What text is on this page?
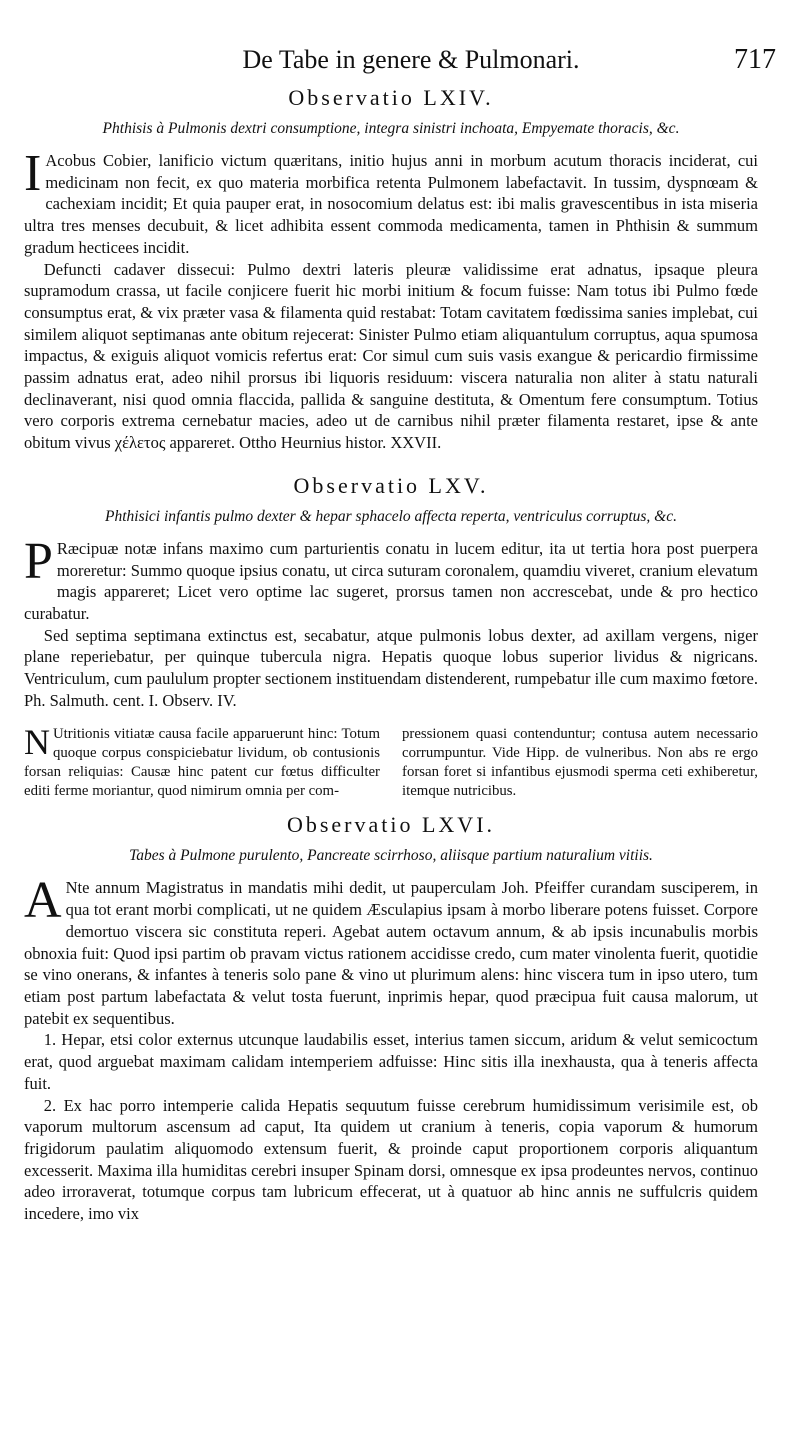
De Tabe in genere & Pulmonari.	717
Observatio LXIV.
Phthisis à Pulmonis dextri consumptione, integra sinistri inchoata, Empyemate thoracis, &c.

I Acobus Cobier, lanificio victum quæritans, initio hujus anni in morbum acutum thoracis inciderat, cui medicinam non fecit, ex quo materia morbifica retenta Pulmonem labefactavit. In tussim, dyspnœam & cachexiam incidit; Et quia pauper erat, in nosocomium delatus est: ibi malis gravescentibus in ista miseria ultra tres menses decubuit, & licet adhibita essent commoda medicamenta, tamen in Phthisin & summum gradum hecticees incidit.

Defuncti cadaver dissecui: Pulmo dextri lateris pleuræ validissime erat adnatus, ipsaque pleura supramodum crassa, ut facile conjicere fuerit hic morbi initium & focum fuisse: Nam totus ibi Pulmo fœde consumptus erat, & vix præter vasa & filamenta quid restabat: Totam cavitatem fœdissima sanies implebat, cui similem aliquot septimanas ante obitum rejecerat: Sinister Pulmo etiam aliquantulum corruptus, aqua spumosa impactus, & exiguis aliquot vomicis refertus erat: Cor simul cum suis vasis exangue & pericardio firmissime passim adnatus erat, adeo nihil prorsus ibi liquoris residuum: viscera naturalia non aliter à statu naturali declinaverant, nisi quod omnia flaccida, pallida & sanguine destituta, & Omentum fere consumptum. Totius vero corporis extrema cernebatur macies, adeo ut de carnibus nihil præter filamenta restaret, ipse & ante obitum vivus χέλετος appareret. Ottho Heurnius histor. XXVII.

Observatio LXV.
Phthisici infantis pulmo dexter & hepar sphacelo affecta reperta, ventriculus corruptus, &c.

P Ræcipuæ notæ infans maximo cum parturientis conatu in lucem editur, ita ut tertia hora post puerpera moreretur: Summo quoque ipsius conatu, ut circa suturam coronalem, quamdiu viveret, cranium elevatum magis appareret; Licet vero optime lac sugeret, prorsus tamen non accrescebat, unde & pro hectico curabatur.

Sed septima septimana extinctus est, secabatur, atque pulmonis lobus dexter, ad axillam vergens, niger plane reperiebatur, per quinque tubercula nigra. Hepatis quoque lobus superior lividus & nigricans. Ventriculum, cum paululum propter sectionem instituendam distenderent, rumpebatur ille cum maximo fœtore. Ph. Salmuth. cent. I. Observ. IV.

N Utritionis vitiatæ causa facile apparuerunt hinc: Totum quoque corpus conspiciebatur lividum, ob contusionis forsan reliquias: Causæ hinc patent cur fœtus difficulter editi ferme moriantur, quod nimirum omnia per com-
pressionem quasi contenduntur; contusa autem necessario corrumpuntur. Vide Hipp. de vulneribus. Non abs re ergo forsan foret si infantibus ejusmodi sperma ceti exhiberetur, itemque nutricibus.
Observatio LXVI.
Tabes à Pulmone purulento, Pancreate scirrhoso, aliisque partium naturalium vitiis.

A Nte annum Magistratus in mandatis mihi dedit, ut pauperculam Joh. Pfeiffer curandam susciperem, in qua tot erant morbi complicati, ut ne quidem Æsculapius ipsam à morbo liberare potens fuisset. Corpore demortuo viscera sic constituta reperi. Agebat autem octavum annum, & ab ipsis incunabulis morbis obnoxia fuit: Quod ipsi partim ob pravam victus rationem accidisse credo, cum mater vinolenta fuerit, quotidie se vino onerans, & infantes à teneris solo pane & vino ut plurimum alens: hinc viscera tum in ipso utero, tum etiam post partum labefactata & velut tosta fuerunt, inprimis hepar, quod præcipua fuit causa malorum, ut patebit ex sequentibus.

1. Hepar, etsi color externus utcunque laudabilis esset, interius tamen siccum, aridum & velut semicoctum erat, quod arguebat maximam calidam intemperiem adfuisse: Hinc sitis illa inexhausta, qua à teneris affecta fuit.

2. Ex hac porro intemperie calida Hepatis sequutum fuisse cerebrum humidissimum verisimile est, ob vaporum multorum ascensum ad caput, Ita quidem ut cranium à teneris, copia vaporum & humorum frigidorum paulatim aliquomodo extensum fuerit, & proinde caput proportionem corporis aliquantum excesserit. Maxima illa humiditas cerebri insuper Spinam dorsi, omnesque ex ipsa prodeuntes nervos, continuo adeo irroraverat, totumque corpus tam lubricum effecerat, ut à quatuor ab hinc annis ne suffulcris quidem incedere, imo vix
